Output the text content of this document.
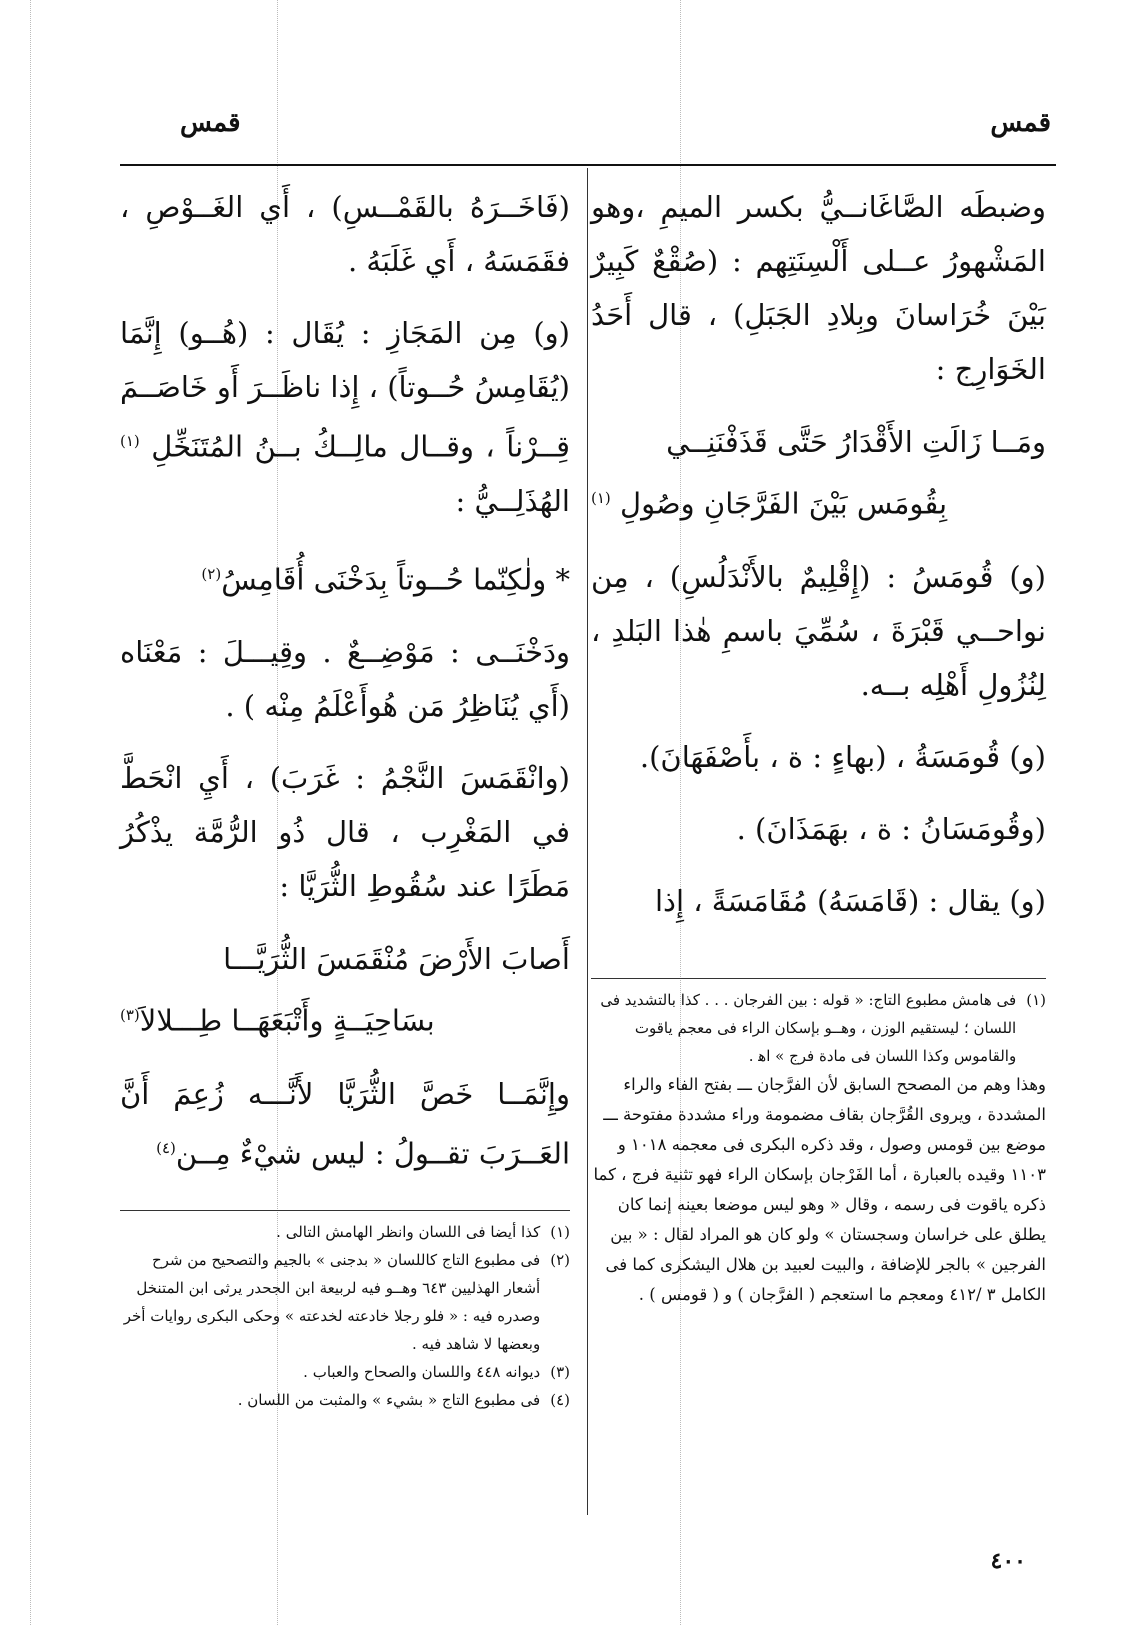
قمس
قمس

وضبطَه الصَّاغَانــيُّ بكسر الميمِ ،وهو المَشْهورُ عــلى أَلْسِنَتِهم : (صُقْعٌ كَبِيرٌ بَيْنَ خُرَاسانَ وبِلادِ الجَبَلِ) ، قال أَحَدُ الخَوَارِج :

ومَــا زَالَتِ الأَقْدَارُ حَتَّى قَذَفْنَنِــي
بِقُومَس بَيْنَ الفَرَّجَانِ وصُولِ $^{(١)}$

(و) قُومَسُ : (إِقْلِيمٌ بالأَنْدَلُسِ) ، مِن نواحــي قَبْرَةَ ، سُمِّيَ باسمِ هٰذا البَلدِ ، لِنُزُولِ أَهْلِه بــه.

(و) قُومَسَةُ ، (بهاءٍ : ة ، بأَصْفَهَانَ).

(وقُومَسَانُ : ة ، بهَمَذَانَ) .

(و) يقال : (قَامَسَهُ) مُقَامَسَةً ، إِذا

(فَاخَــرَهُ بالقَمْــسِ) ، أَي الغَــوْصِ ، فقَمَسَهُ ، أَي غَلَبَهُ .

(و) مِن المَجَازِ : يُقَال : (هُــو) إِنَّمَا (يُقَامِسُ حُــوتاً) ، إِذا ناظَــرَ أَو خَاصَــمَ قِــرْناً ، وقــال مالِــكُ بــنُ المُتَنَخِّلِ $^{(١)}$ الهُذَلِــيُّ :

* ولٰكِنّما حُــوتاً بِدَخْنَى أُقَامِسُ$^{(٢)}$

ودَخْنَــى : مَوْضِــعٌ . وقِيـــلَ : مَعْنَاه (أَي يُنَاظِرُ مَن هُوأَعْلَمُ مِنْه ) .

(وانْقَمَسَ النَّجْمُ : غَرَبَ) ، أَيِ انْحَطَّ في المَغْرِب ، قال ذُو الرُّمَّة يذْكُرُ مَطَرًا عند سُقُوطِ الثُّرَيَّا :

أَصابَ الأَرْضَ مُنْقَمَسَ الثُّرَيَّـــا
بسَاحِيَــةٍ وأَتْبَعَهَــا طِـــلالاَ$^{(٣)}$

وإِنَّمَــا خَصَّ الثُّرَيَّا لأَنَّـــه زُعِمَ أَنَّ العَــرَبَ تقــولُ : ليس شيْءٌ مِــن$^{(٤)}$

(١)
فى هامش مطبوع التاج: « قوله : بين الفرجان . . . كذا بالتشديد فى اللسان ؛ ليستقيم الوزن ، وهــو بإسكان الراء فى معجم ياقوت والقاموس وكذا اللسان فى مادة فرج » اﻫ .
وهذا وهم من المصحح السابق لأن الفرَّجان ـــ بفتح الفاء والراء المشددة ، ويروى القُرَّجان بقاف مضمومة وراء مشددة مفتوحة ـــ موضع بين قومس وصول ، وقد ذكره البكرى فى معجمه ١٠١٨ و ١١٠٣ وقيده بالعبارة ، أما الفَرْجان بإسكان الراء فهو تثنية فرج ، كما ذكره ياقوت فى رسمه ، وقال « وهو ليس موضعا بعينه إنما كان يطلق على خراسان وسجستان » ولو كان هو المراد لقال : « بين الفرجين » بالجر للإضافة ، والبيت لعبيد بن هلال اليشكرى كما فى الكامل ٣ /٤١٢ ومعجم ما استعجم ( الفرَّجان ) و ( قومس ) .
(١)
كذا أيضا فى اللسان وانظر الهامش التالى .
(٢)
فى مطبوع التاج كاللسان « بدجنى » بالجيم والتصحيح من شرح أشعار الهذليين ٦٤٣ وهــو فيه لربيعة ابن الجحدر يرثى ابن المتنخل وصدره فيه : « فلو رجلا خادعته لخدعته » وحكى البكرى روايات أخر وبعضها لا شاهد فيه .
(٣)
ديوانه ٤٤٨ واللسان والصحاح والعباب .
(٤)
فى مطبوع التاج « بشيء » والمثبت من اللسان .
٤٠٠
